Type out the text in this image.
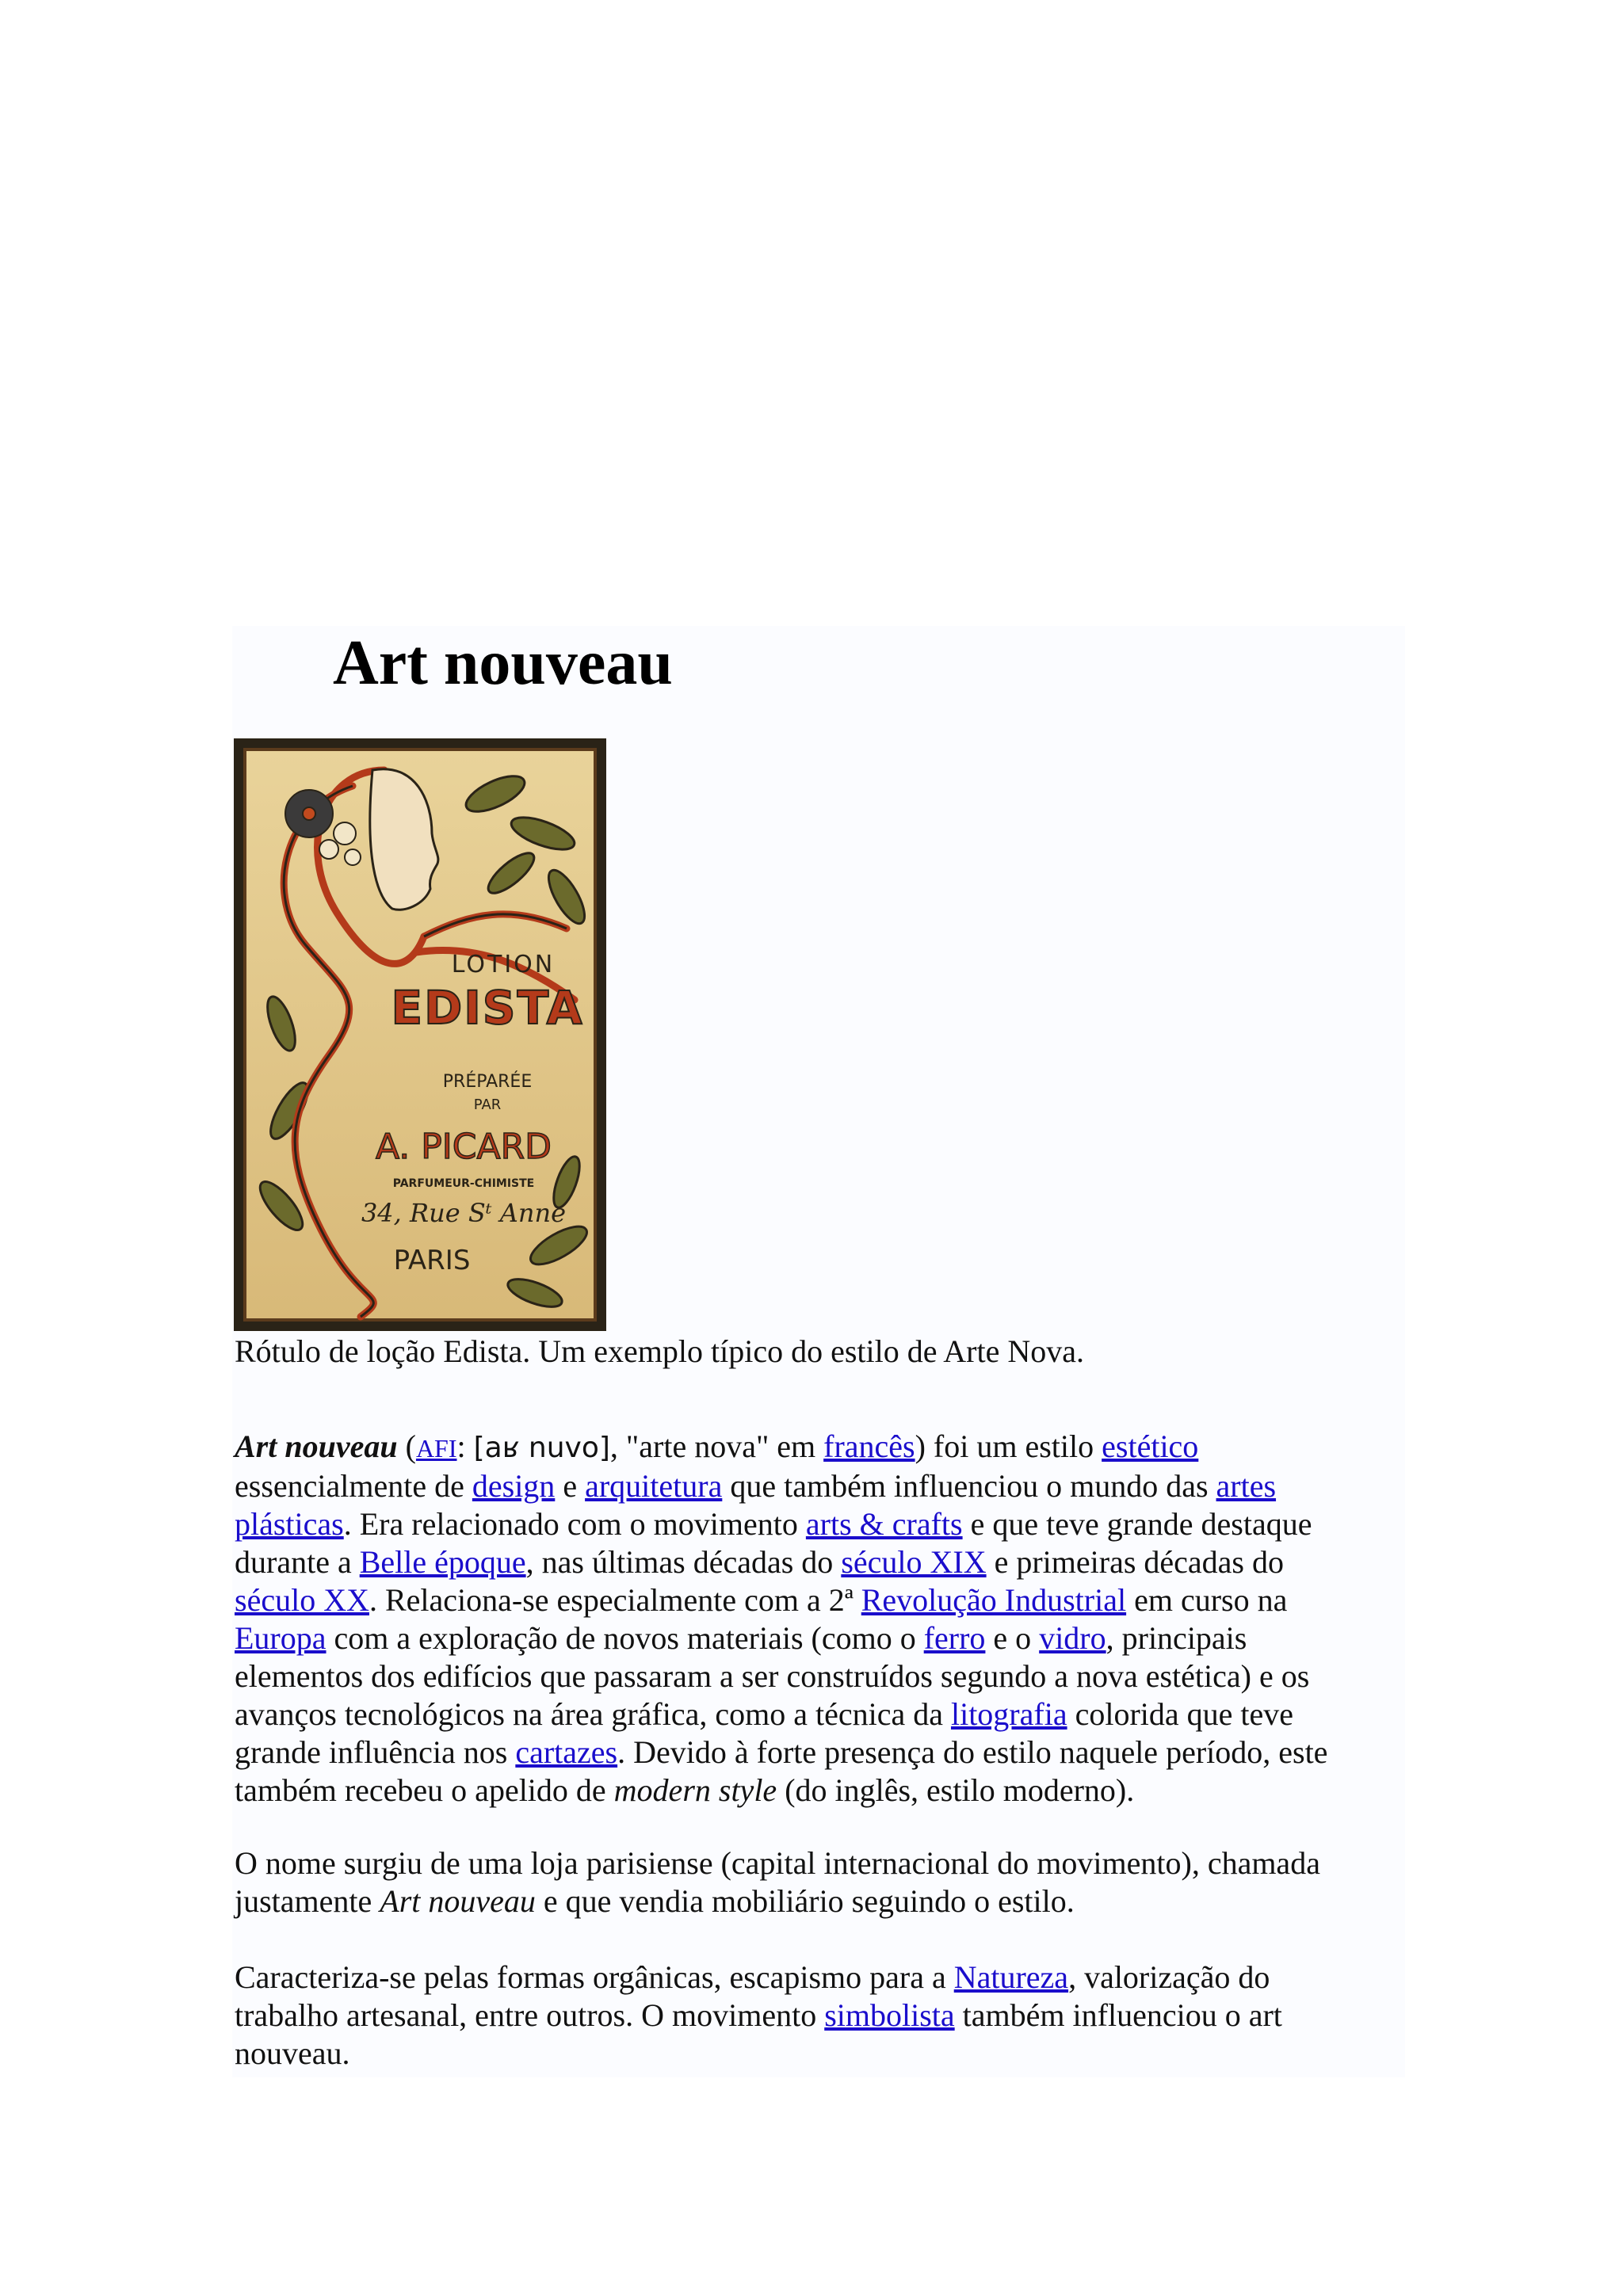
Art nouveau
LOTION
EDISTA
PRÉPARÉE
PAR
A. PICARD
PARFUMEUR-CHIMISTE
34, Rue Sᵗ Anne
PARIS

Rótulo de loção Edista. Um exemplo típico do estilo de Arte Nova.

Art nouveau (AFI: [aʁ nuvo], "arte nova" em francês) foi um estilo estético
essencialmente de design e arquitetura que também influenciou o mundo das artes
plásticas. Era relacionado com o movimento arts & crafts e que teve grande destaque
durante a Belle époque, nas últimas décadas do século XIX e primeiras décadas do
século XX. Relaciona-se especialmente com a 2ª Revolução Industrial em curso na
Europa com a exploração de novos materiais (como o ferro e o vidro, principais
elementos dos edifícios que passaram a ser construídos segundo a nova estética) e os
avanços tecnológicos na área gráfica, como a técnica da litografia colorida que teve
grande influência nos cartazes. Devido à forte presença do estilo naquele período, este
também recebeu o apelido de modern style (do inglês, estilo moderno).
O nome surgiu de uma loja parisiense (capital internacional do movimento), chamada
justamente Art nouveau e que vendia mobiliário seguindo o estilo.
Caracteriza-se pelas formas orgânicas, escapismo para a Natureza, valorização do
trabalho artesanal, entre outros. O movimento simbolista também influenciou o art
nouveau.
